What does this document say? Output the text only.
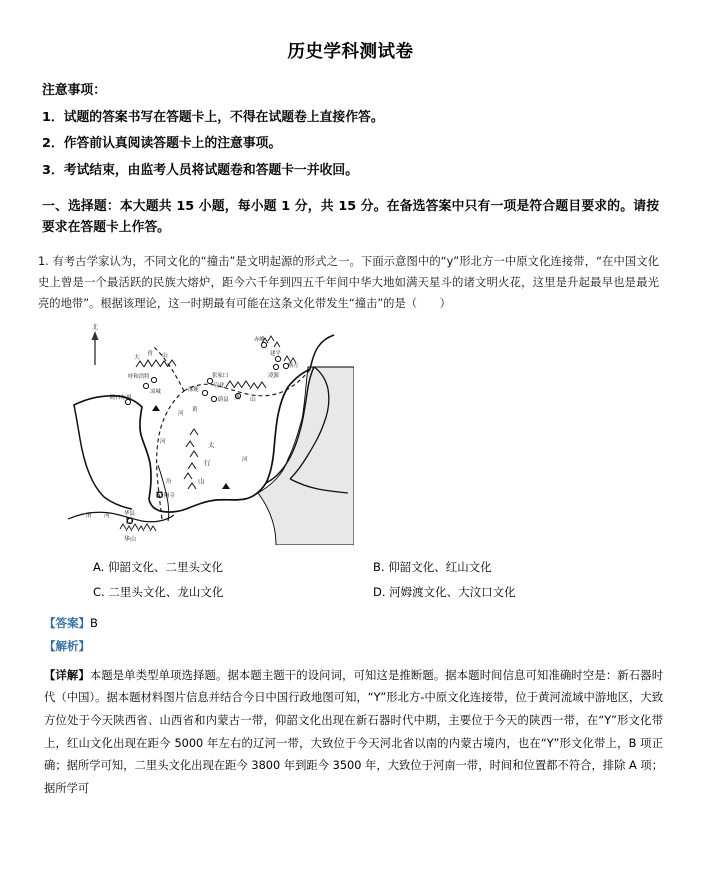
历史学科测试卷
注意事项：
1．试题的答案书写在答题卡上，不得在试题卷上直接作答。
2．作答前认真阅读答题卡上的注意事项。
3．考试结束，由监考人员将试题卷和答题卡一并收回。
一、选择题：本大题共 15 小题，每小题 1 分，共 15 分。在备选答案中只有一项是符合题目要求的。请按要求在答题卡上作答。
1. 有考古学家认为，不同文化的“撞击”是文明起源的形式之一。下面示意图中的“y”形北方一中原文化连接带，“在中国文化史上曾是一个最活跃的民族大熔炉，距今六千年到四五千年间中华大地如满天星斗的诸文明火花，这里是升起最早也是最光亮的地带”。根据该理论，这一时期最有可能在这条文化带发生“撞击”的是（　　）
北
大
青 山
燕 山
太
行
山
华山
呼和浩特
凉城
磴口东周
张家口
涿鹿
蔚县
宣化
赤峰
建平
喀左
凌源
陶寺
华县
汾
河
渭 河
河
黄
河
A. 仰韶文化、二里头文化	B. 仰韶文化、红山文化
C. 二里头文化、龙山文化	D. 河姆渡文化、大汶口文化
【答案】B
【解析】
【详解】本题是单类型单项选择题。据本题主题干的设问词，可知这是推断题。据本题时间信息可知准确时空是：新石器时代（中国）。据本题材料图片信息并结合今日中国行政地图可知，“Y”形北方-中原文化连接带，位于黄河流域中游地区，大致方位处于今天陕西省、山西省和内蒙古一带，仰韶文化出现在新石器时代中期，主要位于今天的陕西一带，在“Y”形文化带上，红山文化出现在距今 5000 年左右的辽河一带，大致位于今天河北省以南的内蒙古境内，也在“Y”形文化带上，B 项正确；据所学可知，二里头文化出现在距今 3800 年到距今 3500 年，大致位于河南一带，时间和位置都不符合，排除 A 项；据所学可
